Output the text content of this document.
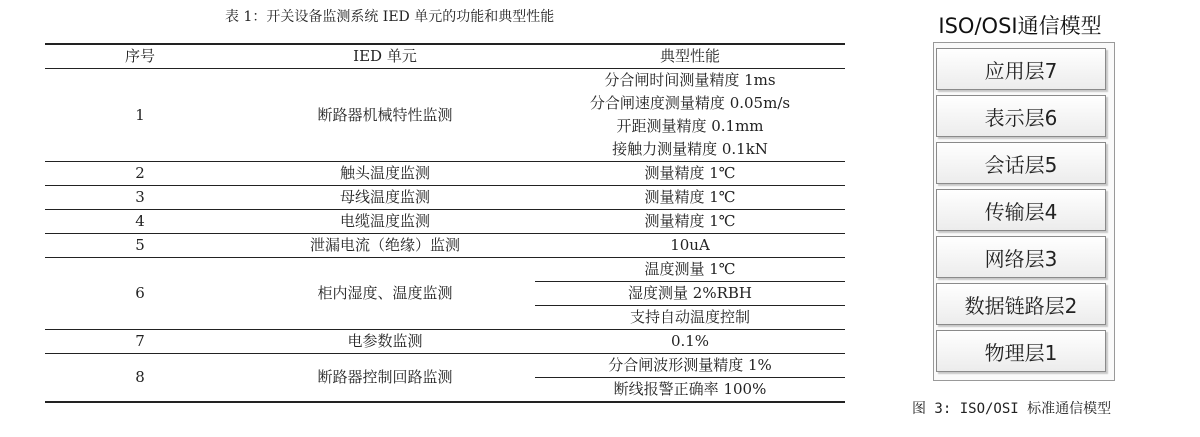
表 1：开关设备监测系统 IED 单元的功能和典型性能
序号	IED 单元	典型性能
1	断路器机械特性监测	分合闸时间测量精度 1ms
		分合闸速度测量精度 0.05m/s
		开距测量精度 0.1mm
		接触力测量精度 0.1kN
2	触头温度监测	测量精度 1℃
3	母线温度监测	测量精度 1℃
4	电缆温度监测	测量精度 1℃
5	泄漏电流（绝缘）监测	10uA
6	柜内湿度、温度监测	温度测量 1℃
		湿度测量 2%RBH
		支持自动温度控制
7	电参数监测	0.1%
8	断路器控制回路监测	分合闸波形测量精度 1%
		断线报警正确率 100%
ISO/OSI通信模型
应用层7
表示层6
会话层5
传输层4
网络层3
数据链路层2
物理层1
图 3: ISO/OSI 标准通信模型
